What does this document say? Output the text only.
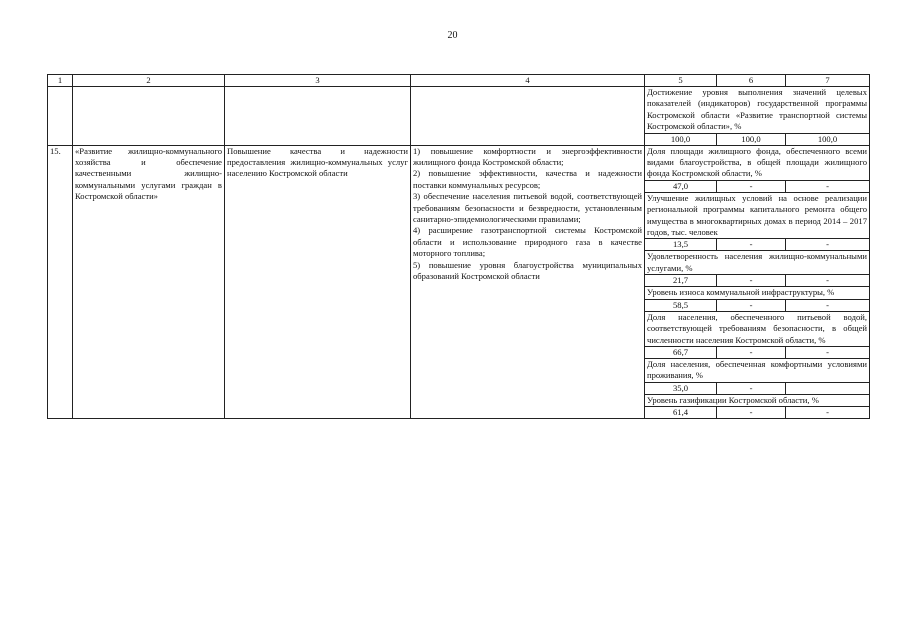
20
1	2	3	4	5	6	7
				Достижение уровня выполнения значений целевых показателей (индикаторов) государственной программы Костромской области «Развитие транспортной системы Костромской области», %		
				100,0	100,0	100,0
15.	«Развитие жилищно-коммунального хозяйства и обеспечение качественными жилищно-коммунальными услугами граждан в Костромской области»	Повышение качества и надежности предоставления жилищно-коммунальных услуг населению Костромской области	1) повышение комфортности и энергоэффективности жилищного фонда Костромской области;

2) повышение эффективности, качества и надежности поставки коммунальных ресурсов;

3) обеспечение населения питьевой водой, соответствующей требованиям безопасности и безвредности, установленным санитарно-эпидемиологическими правилами;

4) расширение газотранспортной системы Костромской области и использование природного газа в качестве моторного топлива;

5) повышение уровня благоустройства муниципальных образований Костромской области	Доля площади жилищного фонда, обеспеченного всеми видами благоустройства, в общей площади жилищного фонда Костромской области, %		
				47,0	-	-
				Улучшение жилищных условий на основе реализации региональной программы капитального ремонта общего имущества в многоквартирных домах в период 2014 – 2017 годов, тыс. человек		
				13,5	-	-
				Удовлетворенность населения жилищно-коммунальными услугами, %		
				21,7	-	-
				Уровень износа коммунальной инфраструктуры, %		
				58,5	-	-
				Доля населения, обеспеченного питьевой водой, соответствующей требованиям безопасности, в общей численности населения Костромской области, %		
				66,7	-	-
				Доля населения, обеспеченная комфортными условиями проживания, %		
				35,0	-	
				Уровень газификации Костромской области, %		
				61,4	-	-
